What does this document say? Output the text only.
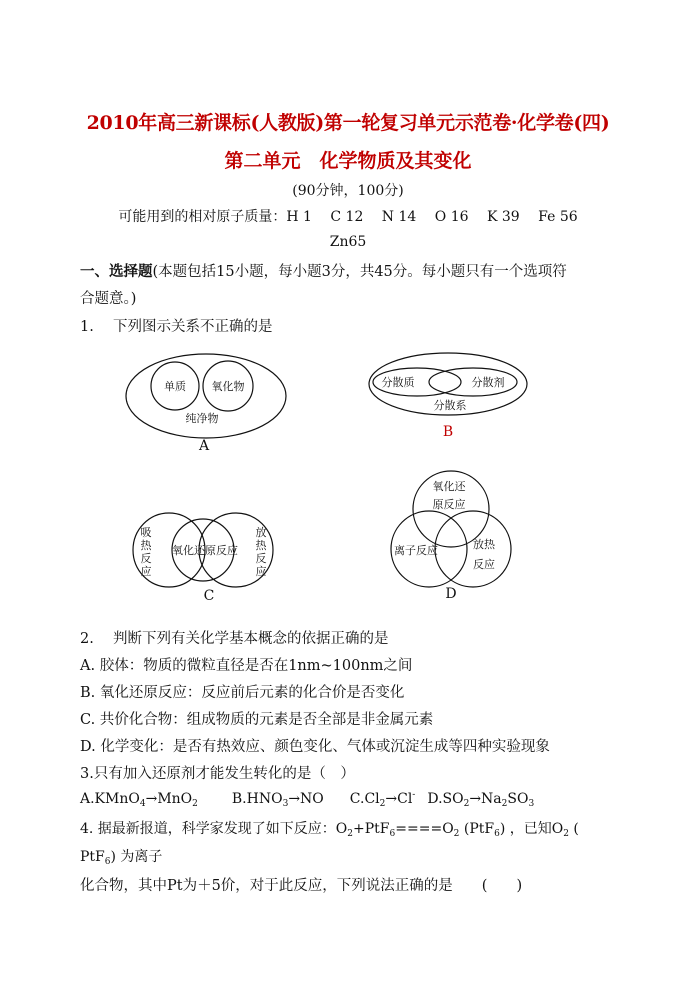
2010年高三新课标(人教版)第一轮复习单元示范卷·化学卷(四)
第二单元　化学物质及其变化
(90分钟，100分)
可能用到的相对原子质量：H 1　 C 12　 N 14　 O 16　 K 39　 Fe 56
Zn65
一、选择题(本题包括15小题，每小题3分，共45分。每小题只有一个选项符
合题意。)
1.　 下列图示关系不正确的是
单质 氧化物
纯净物
A
分散质	分散剂
分散系
B
吸
热
反
应
氧化还原反应
放
热
反
应
C
氧化还
原反应
离子反应	放热
反应
D
2.　 判断下列有关化学基本概念的依据正确的是
A. 胶体：物质的微粒直径是否在1nm~100nm之间
B. 氧化还原反应：反应前后元素的化合价是否变化
C. 共价化合物：组成物质的元素是否全部是非金属元素
D. 化学变化：是否有热效应、颜色变化、气体或沉淀生成等四种实验现象
3.只有加入还原剂才能发生转化的是（　）
A.KMnO$_4$→MnO$_2$ $B.HNO_3\to NO$ $C.Cl_2\to Cl^-$ $D.SO_2\to Na_2SO_3$
4. 据最新报道，科学家发现了如下反应：$O_2+PtF_6====O_2$ (PtF$_6$) ，已知$O_2$ (
PtF$_6$) 为离子
化合物，其中Pt为＋5价，对于此反应，下列说法正确的是　　(　　)
